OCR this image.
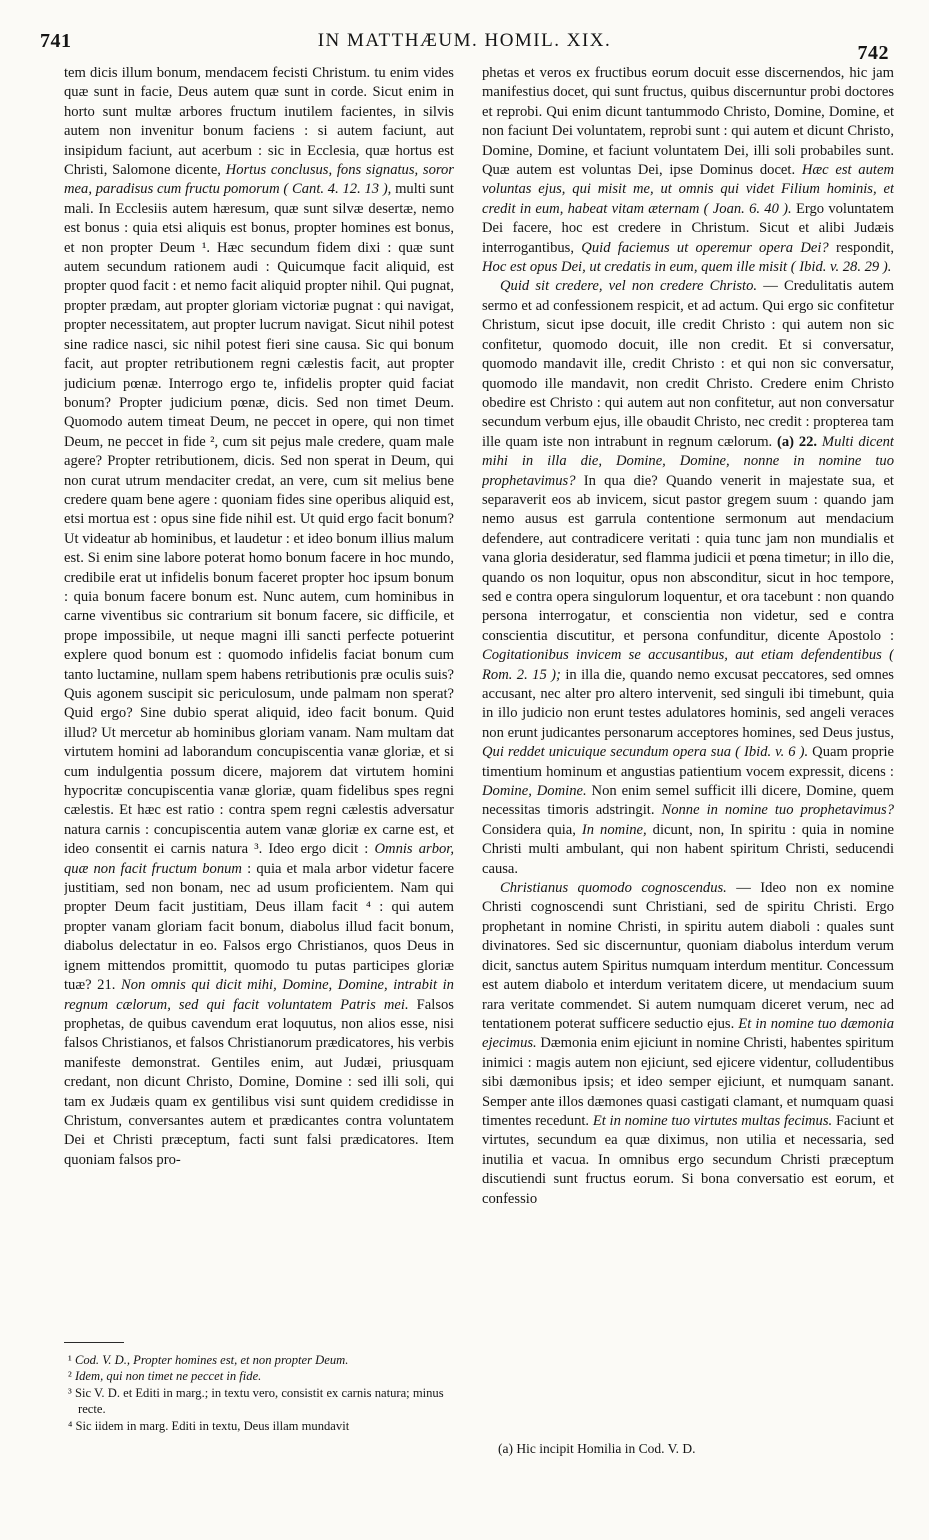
741	IN MATTHÆUM. HOMIL. XIX.
742

tem dicis illum bonum, mendacem fecisti Christum. tu enim vides quæ sunt in facie, Deus autem quæ sunt in corde. Sicut enim in horto sunt multæ arbores fructum inutilem facientes, in silvis autem non invenitur bonum faciens : si autem faciunt, aut insipidum faciunt, aut acerbum : sic in Ecclesia, quæ hortus est Christi, Salomone dicente, Hortus conclusus, fons signatus, soror mea, paradisus cum fructu pomorum ( Cant. 4. 12. 13 ), multi sunt mali. In Ecclesiis autem hæresum, quæ sunt silvæ desertæ, nemo est bonus : quia etsi aliquis est bonus, propter homines est bonus, et non propter Deum ¹. Hæc secundum fidem dixi : quæ sunt autem secundum rationem audi : Quicumque facit aliquid, est propter quod facit : et nemo facit aliquid propter nihil. Qui pugnat, propter prædam, aut propter gloriam victoriæ pugnat : qui navigat, propter necessitatem, aut propter lucrum navigat. Sicut nihil potest sine radice nasci, sic nihil potest fieri sine causa. Sic qui bonum facit, aut propter retributionem regni cælestis facit, aut propter judicium pœnæ. Interrogo ergo te, infidelis propter quid faciat bonum? Propter judicium pœnæ, dicis. Sed non timet Deum. Quomodo autem timeat Deum, ne peccet in opere, qui non timet Deum, ne peccet in fide ², cum sit pejus male credere, quam male agere? Propter retributionem, dicis. Sed non sperat in Deum, qui non curat utrum mendaciter credat, an vere, cum sit melius bene credere quam bene agere : quoniam fides sine operibus aliquid est, etsi mortua est : opus sine fide nihil est. Ut quid ergo facit bonum? Ut videatur ab hominibus, et laudetur : et ideo bonum illius malum est. Si enim sine labore poterat homo bonum facere in hoc mundo, credibile erat ut infidelis bonum faceret propter hoc ipsum bonum : quia bonum facere bonum est. Nunc autem, cum hominibus in carne viventibus sic contrarium sit bonum facere, sic difficile, et prope impossibile, ut neque magni illi sancti perfecte potuerint explere quod bonum est : quomodo infidelis faciat bonum cum tanto luctamine, nullam spem habens retributionis præ oculis suis? Quis agonem suscipit sic periculosum, unde palmam non sperat? Quid ergo? Sine dubio sperat aliquid, ideo facit bonum. Quid illud? Ut mercetur ab hominibus gloriam vanam. Nam multam dat virtutem homini ad laborandum concupiscentia vanæ gloriæ, et si cum indulgentia possum dicere, majorem dat virtutem homini hypocritæ concupiscentia vanæ gloriæ, quam fidelibus spes regni cælestis. Et hæc est ratio : contra spem regni cælestis adversatur natura carnis : concupiscentia autem vanæ gloriæ ex carne est, et ideo consentit ei carnis natura ³. Ideo ergo dicit : Omnis arbor, quæ non facit fructum bonum : quia et mala arbor videtur facere justitiam, sed non bonam, nec ad usum proficientem. Nam qui propter Deum facit justitiam, Deus illam facit ⁴ : qui autem propter vanam gloriam facit bonum, diabolus illud facit bonum, diabolus delectatur in eo. Falsos ergo Christianos, quos Deus in ignem mittendos promittit, quomodo tu putas participes gloriæ tuæ? 21. Non omnis qui dicit mihi, Domine, Domine, intrabit in regnum cælorum, sed qui facit voluntatem Patris mei. Falsos prophetas, de quibus cavendum erat loquutus, non alios esse, nisi falsos Christianos, et falsos Christianorum prædicatores, his verbis manifeste demonstrat. Gentiles enim, aut Judæi, priusquam credant, non dicunt Christo, Domine, Domine : sed illi soli, qui tam ex Judæis quam ex gentilibus visi sunt quidem credidisse in Christum, conversantes autem et prædicantes contra voluntatem Dei et Christi præceptum, facti sunt falsi prædicatores. Item quoniam falsos pro-

¹ Cod. V. D., Propter homines est, et non propter Deum.

² Idem, qui non timet ne peccet in fide.

³ Sic V. D. et Editi in marg.; in textu vero, consistit ex carnis natura; minus recte.

⁴ Sic iidem in marg. Editi in textu, Deus illam mundavit

phetas et veros ex fructibus eorum docuit esse discernendos, hic jam manifestius docet, qui sunt fructus, quibus discernuntur probi doctores et reprobi. Qui enim dicunt tantummodo Christo, Domine, Domine, et non faciunt Dei voluntatem, reprobi sunt : qui autem et dicunt Christo, Domine, Domine, et faciunt voluntatem Dei, illi soli probabiles sunt. Quæ autem est voluntas Dei, ipse Dominus docet. Hæc est autem voluntas ejus, qui misit me, ut omnis qui videt Filium hominis, et credit in eum, habeat vitam æternam ( Joan. 6. 40 ). Ergo voluntatem Dei facere, hoc est credere in Christum. Sicut et alibi Judæis interrogantibus, Quid faciemus ut operemur opera Dei? respondit, Hoc est opus Dei, ut credatis in eum, quem ille misit ( Ibid. v. 28. 29 ).

Quid sit credere, vel non credere Christo. — Credulitatis autem sermo et ad confessionem respicit, et ad actum. Qui ergo sic confitetur Christum, sicut ipse docuit, ille credit Christo : qui autem non sic confitetur, quomodo docuit, ille non credit. Et si conversatur, quomodo mandavit ille, credit Christo : et qui non sic conversatur, quomodo ille mandavit, non credit Christo. Credere enim Christo obedire est Christo : qui autem aut non confitetur, aut non conversatur secundum verbum ejus, ille obaudit Christo, nec credit : propterea tam ille quam iste non intrabunt in regnum cælorum. (a) 22. Multi dicent mihi in illa die, Domine, Domine, nonne in nomine tuo prophetavimus? In qua die? Quando venerit in majestate sua, et separaverit eos ab invicem, sicut pastor gregem suum : quando jam nemo ausus est garrula contentione sermonum aut mendacium defendere, aut contradicere veritati : quia tunc jam non mundialis et vana gloria desideratur, sed flamma judicii et pœna timetur; in illo die, quando os non loquitur, opus non absconditur, sicut in hoc tempore, sed e contra opera singulorum loquentur, et ora tacebunt : non quando persona interrogatur, et conscientia non videtur, sed e contra conscientia discutitur, et persona confunditur, dicente Apostolo : Cogitationibus invicem se accusantibus, aut etiam defendentibus ( Rom. 2. 15 ); in illa die, quando nemo excusat peccatores, sed omnes accusant, nec alter pro altero intervenit, sed singuli ibi timebunt, quia in illo judicio non erunt testes adulatores hominis, sed angeli veraces non erunt judicantes personarum acceptores homines, sed Deus justus, Qui reddet unicuique secundum opera sua ( Ibid. v. 6 ). Quam proprie timentium hominum et angustias patientium vocem expressit, dicens : Domine, Domine. Non enim semel sufficit illi dicere, Domine, quem necessitas timoris adstringit. Nonne in nomine tuo prophetavimus? Considera quia, In nomine, dicunt, non, In spiritu : quia in nomine Christi multi ambulant, qui non habent spiritum Christi, seducendi causa.

Christianus quomodo cognoscendus. — Ideo non ex nomine Christi cognoscendi sunt Christiani, sed de spiritu Christi. Ergo prophetant in nomine Christi, in spiritu autem diaboli : quales sunt divinatores. Sed sic discernuntur, quoniam diabolus interdum verum dicit, sanctus autem Spiritus numquam interdum mentitur. Concessum est autem diabolo et interdum veritatem dicere, ut mendacium suum rara veritate commendet. Si autem numquam diceret verum, nec ad tentationem poterat sufficere seductio ejus. Et in nomine tuo dæmonia ejecimus. Dæmonia enim ejiciunt in nomine Christi, habentes spiritum inimici : magis autem non ejiciunt, sed ejicere videntur, colludentibus sibi dæmonibus ipsis; et ideo semper ejiciunt, et numquam sanant. Semper ante illos dæmones quasi castigati clamant, et numquam quasi timentes recedunt. Et in nomine tuo virtutes multas fecimus. Faciunt et virtutes, secundum ea quæ diximus, non utilia et necessaria, sed inutilia et vacua. In omnibus ergo secundum Christi præceptum discutiendi sunt fructus eorum. Si bona conversatio est eorum, et confessio

(a) Hic incipit Homilia in Cod. V. D.
